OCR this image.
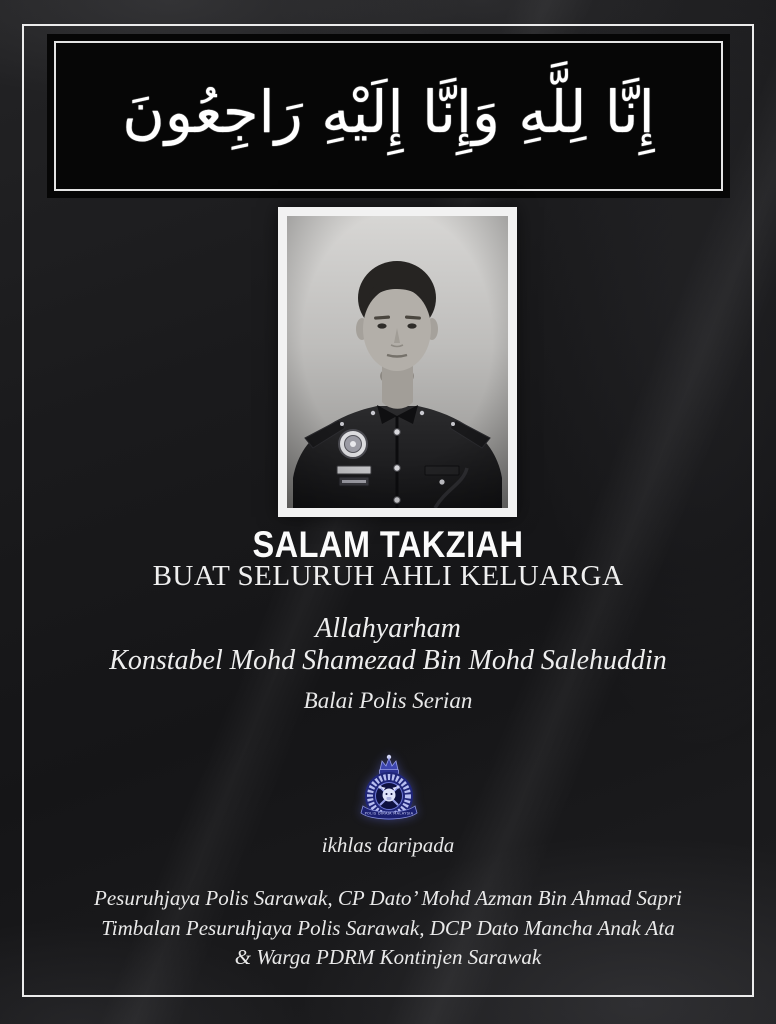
إِنَّا لِلَّهِ وَإِنَّا إِلَيْهِ رَاجِعُونَ
SALAM TAKZIAH
BUAT SELURUH AHLI KELUARGA
Allahyarham
Konstabel Mohd Shamezad Bin Mohd Salehuddin
Balai Polis Serian
POLIS DIRAJA MALAYSIA
ikhlas daripada

Pesuruhjaya Polis Sarawak, CP Dato’ Mohd Azman Bin Ahmad Sapri

Timbalan Pesuruhjaya Polis Sarawak, DCP Dato Mancha Anak Ata

& Warga PDRM Kontinjen Sarawak
